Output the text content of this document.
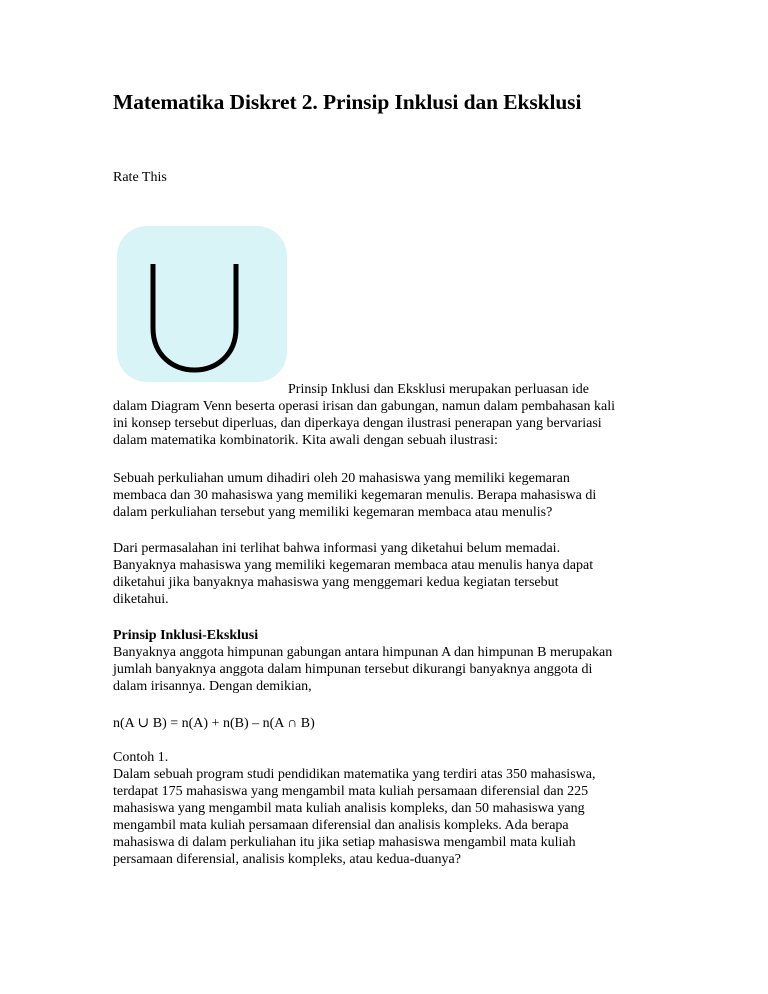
Matematika Diskret 2. Prinsip Inklusi dan Eksklusi
Rate This
Prinsip Inklusi dan Eksklusi merupakan perluasan ide
dalam Diagram Venn beserta operasi irisan dan gabungan, namun dalam pembahasan kali
ini konsep tersebut diperluas, dan diperkaya dengan ilustrasi penerapan yang bervariasi
dalam matematika kombinatorik. Kita awali dengan sebuah ilustrasi:
Sebuah perkuliahan umum dihadiri oleh 20 mahasiswa yang memiliki kegemaran
membaca dan 30 mahasiswa yang memiliki kegemaran menulis. Berapa mahasiswa di
dalam perkuliahan tersebut yang memiliki kegemaran membaca atau menulis?
Dari permasalahan ini terlihat bahwa informasi yang diketahui belum memadai.
Banyaknya mahasiswa yang memiliki kegemaran membaca atau menulis hanya dapat
diketahui jika banyaknya mahasiswa yang menggemari kedua kegiatan tersebut
diketahui.
Prinsip Inklusi-Eksklusi
Banyaknya anggota himpunan gabungan antara himpunan A dan himpunan B merupakan
jumlah banyaknya anggota dalam himpunan tersebut dikurangi banyaknya anggota di
dalam irisannya. Dengan demikian,
n(A ∪ B) = n(A) + n(B) – n(A ∩ B)
Contoh 1.
Dalam sebuah program studi pendidikan matematika yang terdiri atas 350 mahasiswa,
terdapat 175 mahasiswa yang mengambil mata kuliah persamaan diferensial dan 225
mahasiswa yang mengambil mata kuliah analisis kompleks, dan 50 mahasiswa yang
mengambil mata kuliah persamaan diferensial dan analisis kompleks. Ada berapa
mahasiswa di dalam perkuliahan itu jika setiap mahasiswa mengambil mata kuliah
persamaan diferensial, analisis kompleks, atau kedua-duanya?
